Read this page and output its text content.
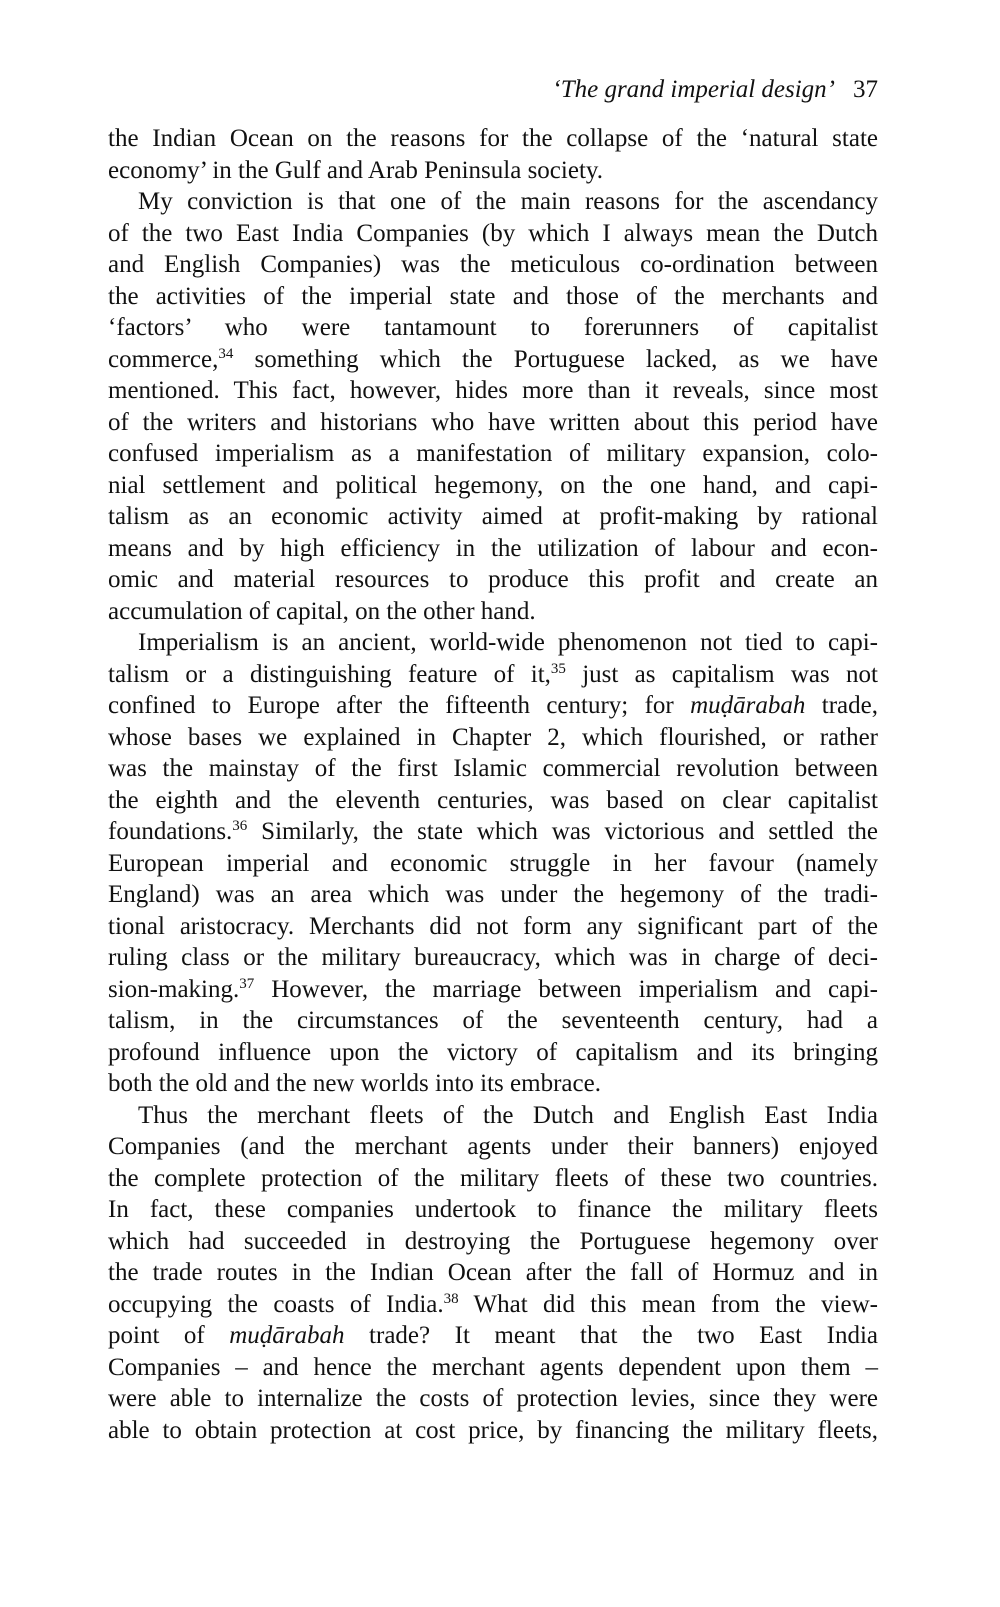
‘The grand imperial design’ 37
the Indian Ocean on the reasons for the collapse of the ‘natural state
economy’ in the Gulf and Arab Peninsula society.
My conviction is that one of the main reasons for the ascendancy
of the two East India Companies (by which I always mean the Dutch
and English Companies) was the meticulous co-ordination between
the activities of the imperial state and those of the merchants and
‘factors’ who were tantamount to forerunners of capitalist
commerce,$^{34}$ something which the Portuguese lacked, as we have
mentioned. This fact, however, hides more than it reveals, since most
of the writers and historians who have written about this period have
confused imperialism as a manifestation of military expansion, colo-
nial settlement and political hegemony, on the one hand, and capi-
talism as an economic activity aimed at profit-making by rational
means and by high efficiency in the utilization of labour and econ-
omic and material resources to produce this profit and create an
accumulation of capital, on the other hand.
Imperialism is an ancient, world-wide phenomenon not tied to capi-
talism or a distinguishing feature of it,$^{35}$ just as capitalism was not
confined to Europe after the fifteenth century; for muḍārabah trade,
whose bases we explained in Chapter 2, which flourished, or rather
was the mainstay of the first Islamic commercial revolution between
the eighth and the eleventh centuries, was based on clear capitalist
foundations.$^{36}$ Similarly, the state which was victorious and settled the
European imperial and economic struggle in her favour (namely
England) was an area which was under the hegemony of the tradi-
tional aristocracy. Merchants did not form any significant part of the
ruling class or the military bureaucracy, which was in charge of deci-
sion-making.$^{37}$ However, the marriage between imperialism and capi-
talism, in the circumstances of the seventeenth century, had a
profound influence upon the victory of capitalism and its bringing
both the old and the new worlds into its embrace.
Thus the merchant fleets of the Dutch and English East India
Companies (and the merchant agents under their banners) enjoyed
the complete protection of the military fleets of these two countries.
In fact, these companies undertook to finance the military fleets
which had succeeded in destroying the Portuguese hegemony over
the trade routes in the Indian Ocean after the fall of Hormuz and in
occupying the coasts of India.$^{38}$ What did this mean from the view-
point of muḍārabah trade? It meant that the two East India
Companies – and hence the merchant agents dependent upon them –
were able to internalize the costs of protection levies, since they were
able to obtain protection at cost price, by financing the military fleets,
